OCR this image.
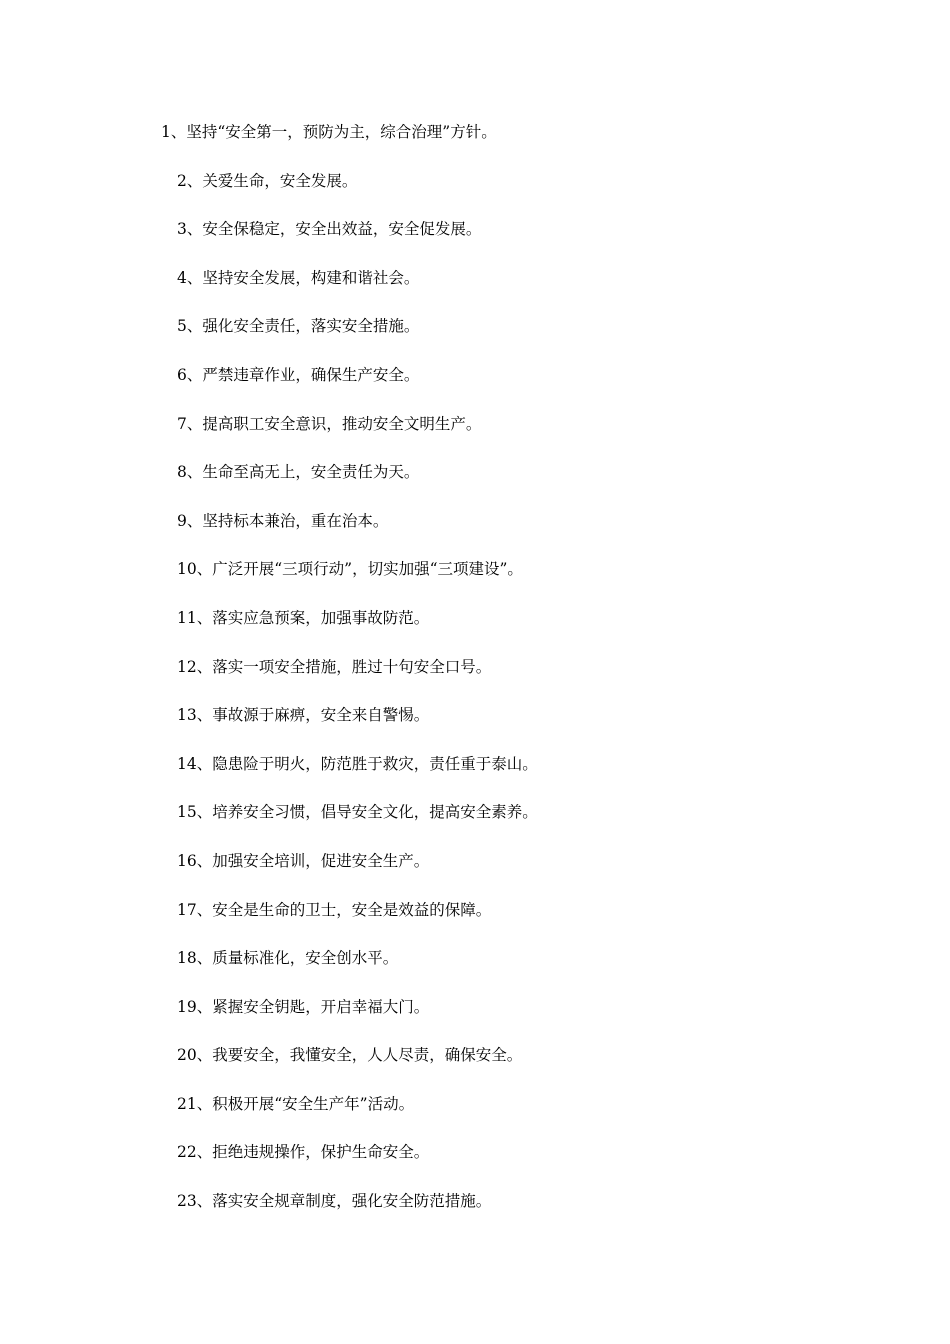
1、坚持“安全第一，预防为主，综合治理”方针。
2、关爱生命，安全发展。
3、安全保稳定，安全出效益，安全促发展。
4、坚持安全发展，构建和谐社会。
5、强化安全责任，落实安全措施。
6、严禁违章作业，确保生产安全。
7、提高职工安全意识，推动安全文明生产。
8、生命至高无上，安全责任为天。
9、坚持标本兼治，重在治本。
10、广泛开展“三项行动”，切实加强“三项建设”。
11、落实应急预案，加强事故防范。
12、落实一项安全措施，胜过十句安全口号。
13、事故源于麻痹，安全来自警惕。
14、隐患险于明火，防范胜于救灾，责任重于泰山。
15、培养安全习惯，倡导安全文化，提高安全素养。
16、加强安全培训，促进安全生产。
17、安全是生命的卫士，安全是效益的保障。
18、质量标准化，安全创水平。
19、紧握安全钥匙，开启幸福大门。
20、我要安全，我懂安全，人人尽责，确保安全。
21、积极开展“安全生产年”活动。
22、拒绝违规操作，保护生命安全。
23、落实安全规章制度，强化安全防范措施。
